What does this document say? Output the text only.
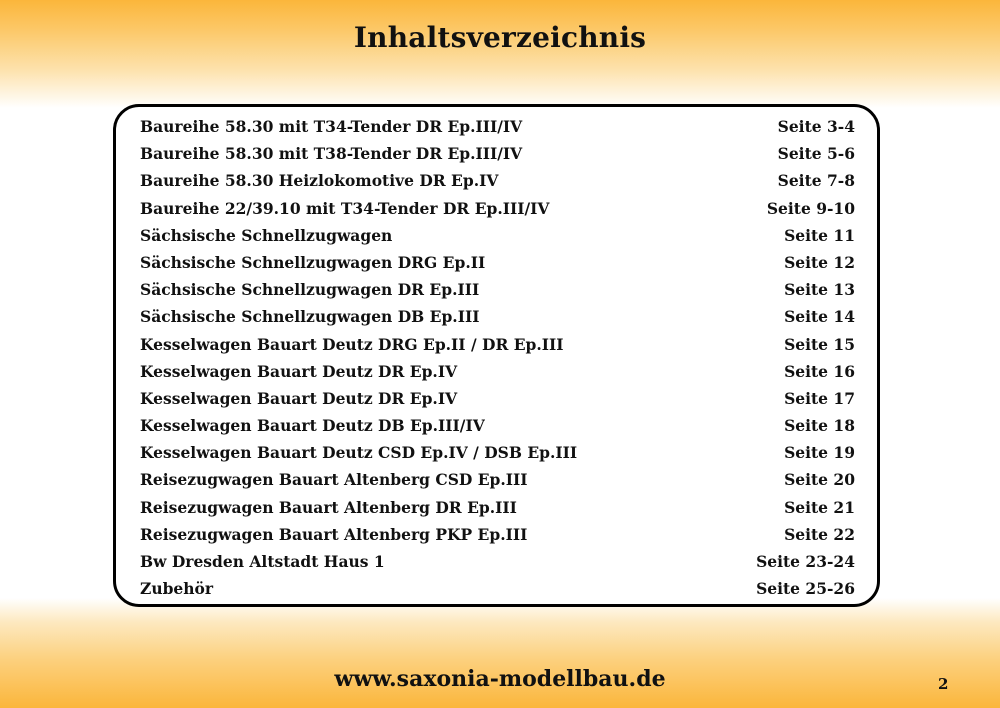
Inhaltsverzeichnis
Baureihe 58.30 mit T34-Tender DR Ep.III/IV	Seite 3-4
Baureihe 58.30 mit T38-Tender DR Ep.III/IV	Seite 5-6
Baureihe 58.30 Heizlokomotive DR Ep.IV	Seite 7-8
Baureihe 22/39.10 mit T34-Tender DR Ep.III/IV	Seite 9-10
Sächsische Schnellzugwagen	Seite 11
Sächsische Schnellzugwagen DRG Ep.II	Seite 12
Sächsische Schnellzugwagen DR Ep.III	Seite 13
Sächsische Schnellzugwagen DB Ep.III	Seite 14
Kesselwagen Bauart Deutz DRG Ep.II / DR Ep.III	Seite 15
Kesselwagen Bauart Deutz DR Ep.IV	Seite 16
Kesselwagen Bauart Deutz DR Ep.IV	Seite 17
Kesselwagen Bauart Deutz DB Ep.III/IV	Seite 18
Kesselwagen Bauart Deutz CSD Ep.IV / DSB Ep.III	Seite 19
Reisezugwagen Bauart Altenberg CSD Ep.III	Seite 20
Reisezugwagen Bauart Altenberg DR Ep.III	Seite 21
Reisezugwagen Bauart Altenberg PKP Ep.III	Seite 22
Bw Dresden Altstadt Haus 1	Seite 23-24
Zubehör	Seite 25-26
www.saxonia-modellbau.de	2
